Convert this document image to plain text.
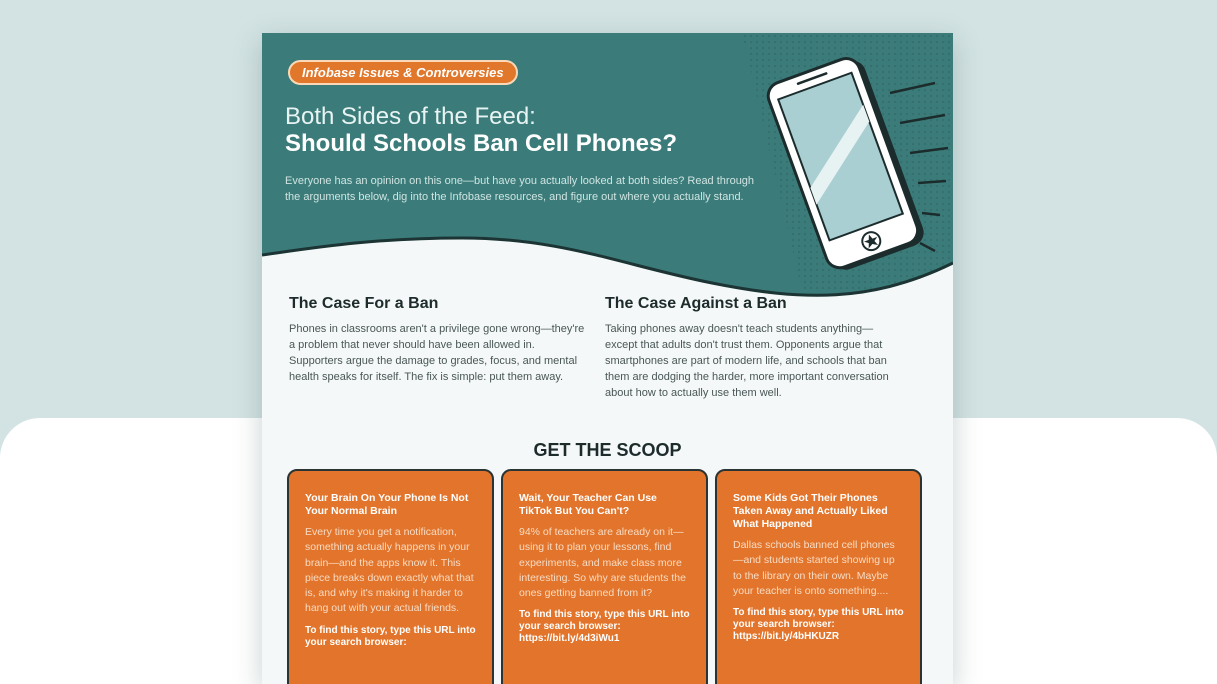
Infobase Issues & Controversies
Both Sides of the Feed:
Should Schools Ban Cell Phones?
Everyone has an opinion on this one—but have you actually looked at both sides? Read through the arguments below, dig into the Infobase resources, and figure out where you actually stand.
The Case For a Ban

Phones in classrooms aren't a privilege gone wrong—they're a problem that never should have been allowed in. Supporters argue the damage to grades, focus, and mental health speaks for itself. The fix is simple: put them away.

The Case Against a Ban

Taking phones away doesn't teach students anything—except that adults don't trust them. Opponents argue that smartphones are part of modern life, and schools that ban them are dodging the harder, more important conversation about how to actually use them well.

GET THE SCOOP
Your Brain On Your Phone Is Not Your Normal Brain

Every time you get a notification, something actually happens in your brain—and the apps know it. This piece breaks down exactly what that is, and why it's making it harder to hang out with your actual friends.

To find this story, type this URL into your search browser:
Wait, Your Teacher Can Use TikTok But You Can't?

94% of teachers are already on it—using it to plan your lessons, find experiments, and make class more interesting. So why are students the ones getting banned from it?

To find this story, type this URL into your search browser: https://bit.ly/4d3iWu1
Some Kids Got Their Phones Taken Away and Actually Liked What Happened

Dallas schools banned cell phones—and students started showing up to the library on their own. Maybe your teacher is onto something....

To find this story, type this URL into your search browser: https://bit.ly/4bHKUZR
